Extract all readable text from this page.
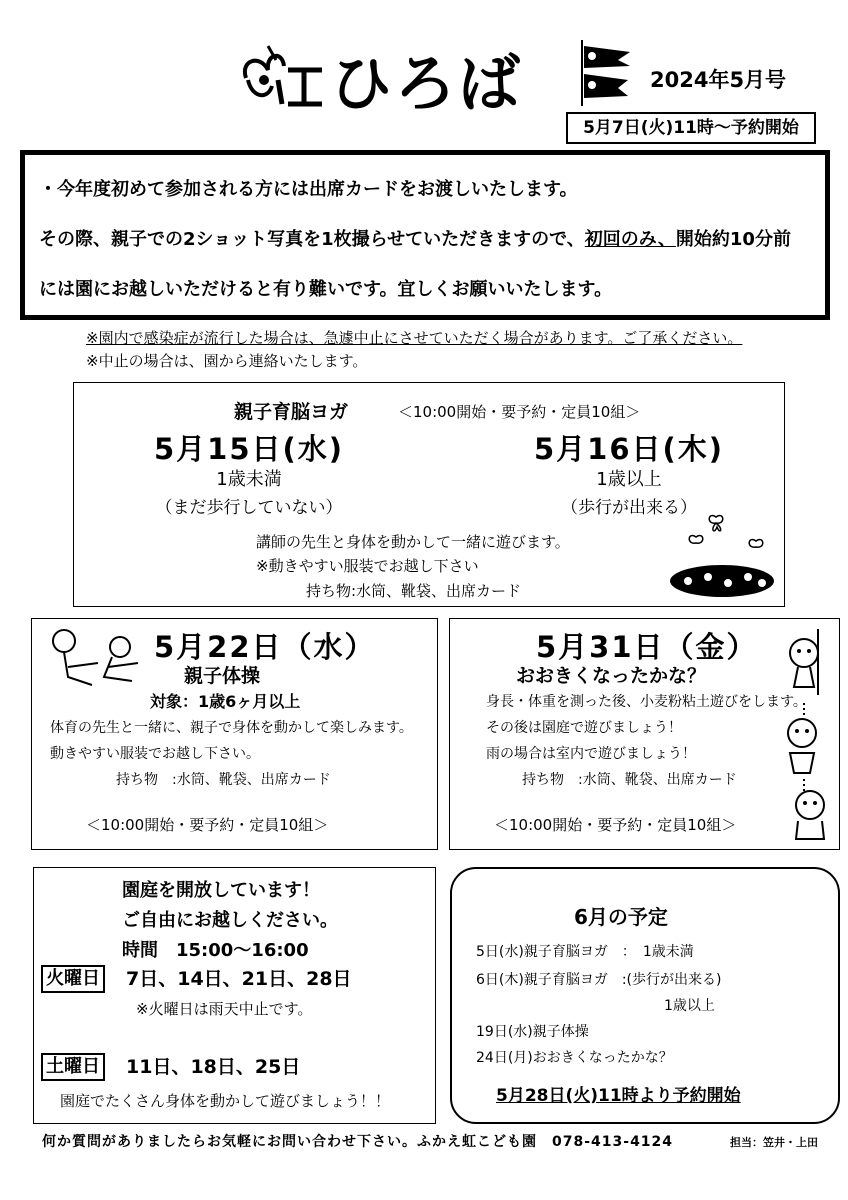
ひろば	2024年5月号
5月7日(火)11時～予約開始

・今年度初めて参加される方には出席カードをお渡しいたします。

その際、親子での2ショット写真を1枚撮らせていただきますので、初回のみ、開始約10分前

には園にお越しいただけると有り難いです。宜しくお願いいたします。

※園内で感染症が流行した場合は、急遽中止にさせていただく場合があります。ご了承ください。
※中止の場合は、園から連絡いたします。
親子育脳ヨガ	＜10:00開始・要予約・定員10組＞
5月15日(水)
1歳未満
（まだ歩行していない）
5月16日(木)
1歳以上
（歩行が出来る）
講師の先生と身体を動かして一緒に遊びます。
※動きやすい服装でお越し下さい
持ち物:水筒、靴袋、出席カード
5月22日（水）
親子体操
対象：1歳6ヶ月以上
体育の先生と一緒に、親子で身体を動かして楽しみます。
動きやすい服装でお越し下さい。
持ち物　:水筒、靴袋、出席カード
＜10:00開始・要予約・定員10組＞
5月31日（金）
おおきくなったかな？
身長・体重を測った後、小麦粉粘土遊びをします。
その後は園庭で遊びましょう！
雨の場合は室内で遊びましょう！
持ち物　:水筒、靴袋、出席カード
＜10:00開始・要予約・定員10組＞
園庭を開放しています！
ご自由にお越しください。
時間　15:00～16:00
火曜日 7日、14日、21日、28日
※火曜日は雨天中止です。
土曜日 11日、18日、25日
園庭でたくさん身体を動かして遊びましょう！！
6月の予定
5日(水)親子育脳ヨガ　：　1歳未満
6日(木)親子育脳ヨガ　:(歩行が出来る)
1歳以上
19日(水)親子体操
24日(月)おおきくなったかな？
5月28日(火)11時より予約開始
何か質問がありましたらお気軽にお問い合わせ下さい。ふかえ虹こども園　078-413-4124	担当：笠井・上田
